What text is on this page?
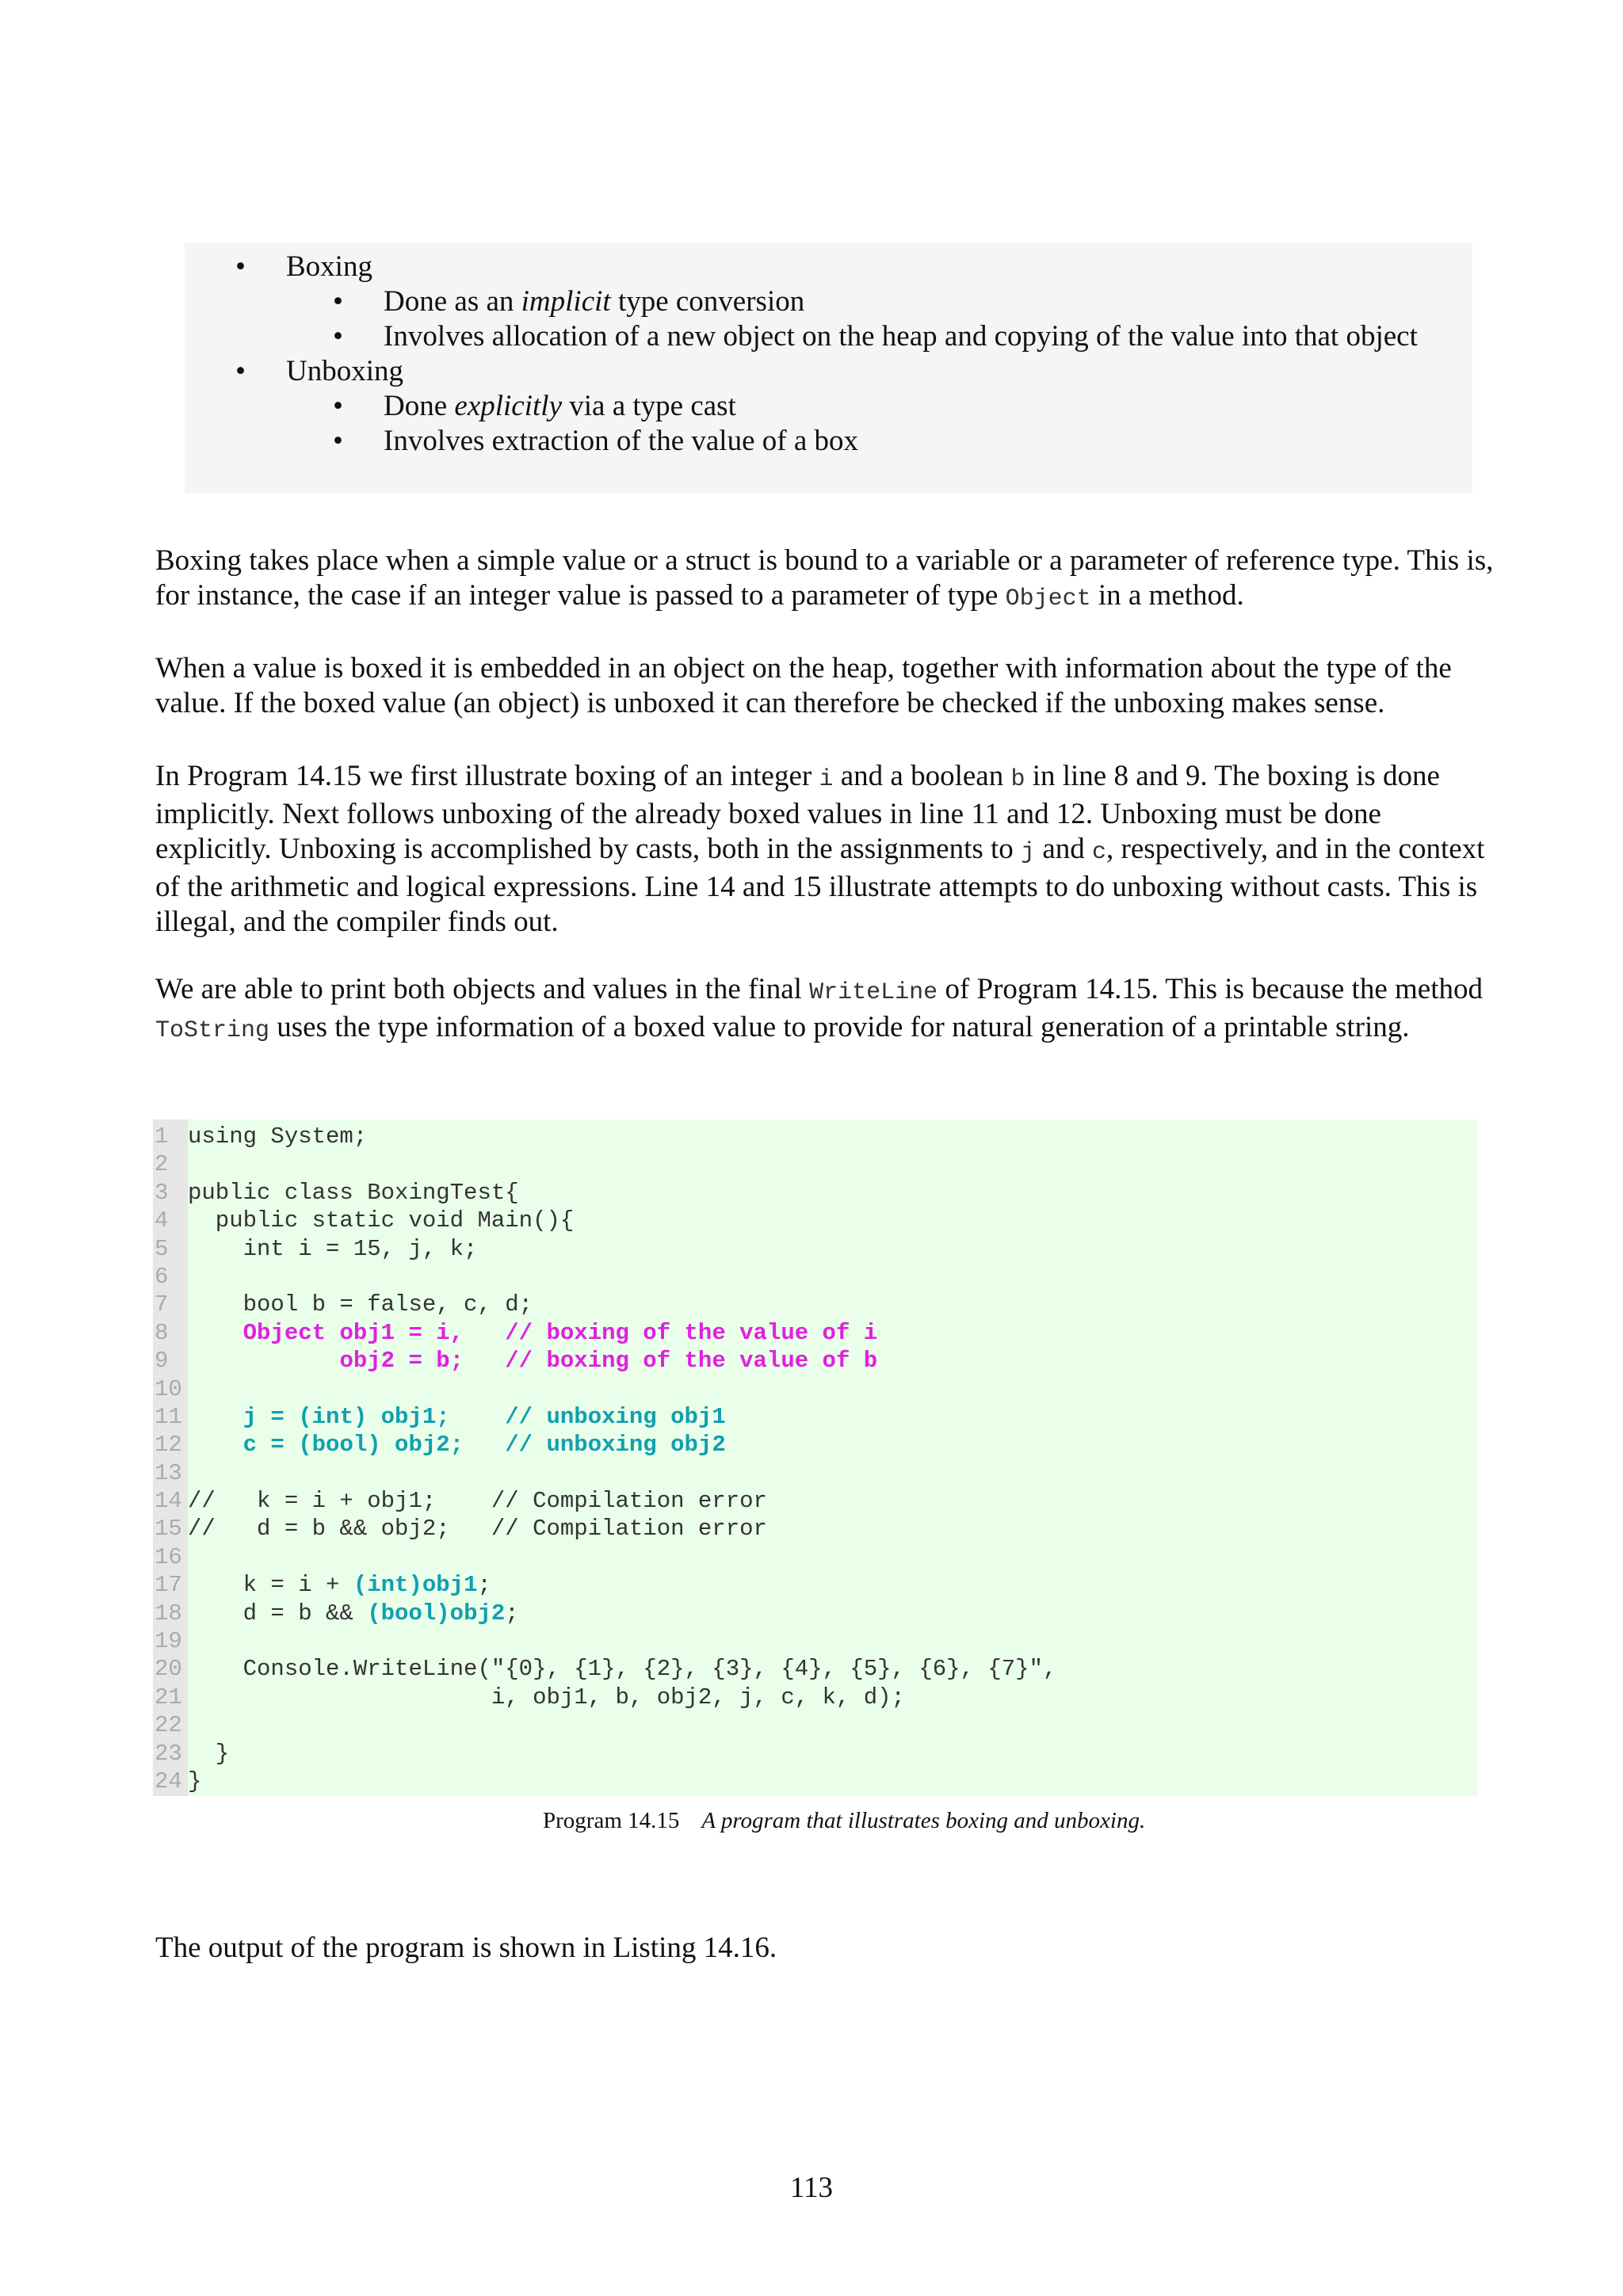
• Boxing
• Done as an implicit type conversion
• Involves allocation of a new object on the heap and copying of the value into that object
• Unboxing
• Done explicitly via a type cast
• Involves extraction of the value of a box

Boxing takes place when a simple value or a struct is bound to a variable or a parameter of reference type. This is, for instance, the case if an integer value is passed to a parameter of type Object in a method.

When a value is boxed it is embedded in an object on the heap, together with information about the type of the value. If the boxed value (an object) is unboxed it can therefore be checked if the unboxing makes sense.

In Program 14.15 we first illustrate boxing of an integer i and a boolean b in line 8 and 9. The boxing is done implicitly. Next follows unboxing of the already boxed values in line 11 and 12. Unboxing must be done explicitly. Unboxing is accomplished by casts, both in the assignments to j and c, respectively, and in the context of the arithmetic and logical expressions. Line 14 and 15 illustrate attempts to do unboxing without casts. This is illegal, and the compiler finds out.

We are able to print both objects and values in the final WriteLine of Program 14.15. This is because the method ToString uses the type information of a boxed value to provide for natural generation of a printable string.

1 using System;
2
3 public class BoxingTest{
4  public static void Main(){
5    int i = 15, j, k;
6
7    bool b = false, c, d;
8	Object obj1 = i,   // boxing of the value of i
9	obj2 = b;   // boxing of the value of b
10
11	j = (int) obj1;    // unboxing obj1
12	c = (bool) obj2;   // unboxing obj2
13
14 //   k = i + obj1;    // Compilation error
15 //   d = b && obj2;   // Compilation error
16
17    k = i + (int)obj1;
18    d = b && (bool)obj2;
19
20    Console.WriteLine("{0}, {1}, {2}, {3}, {4}, {5}, {6}, {7}",
21                      i, obj1, b, obj2, j, c, k, d);
22
23  }
24 }

Program 14.15 A program that illustrates boxing and unboxing.

The output of the program is shown in Listing 14.16.

113
